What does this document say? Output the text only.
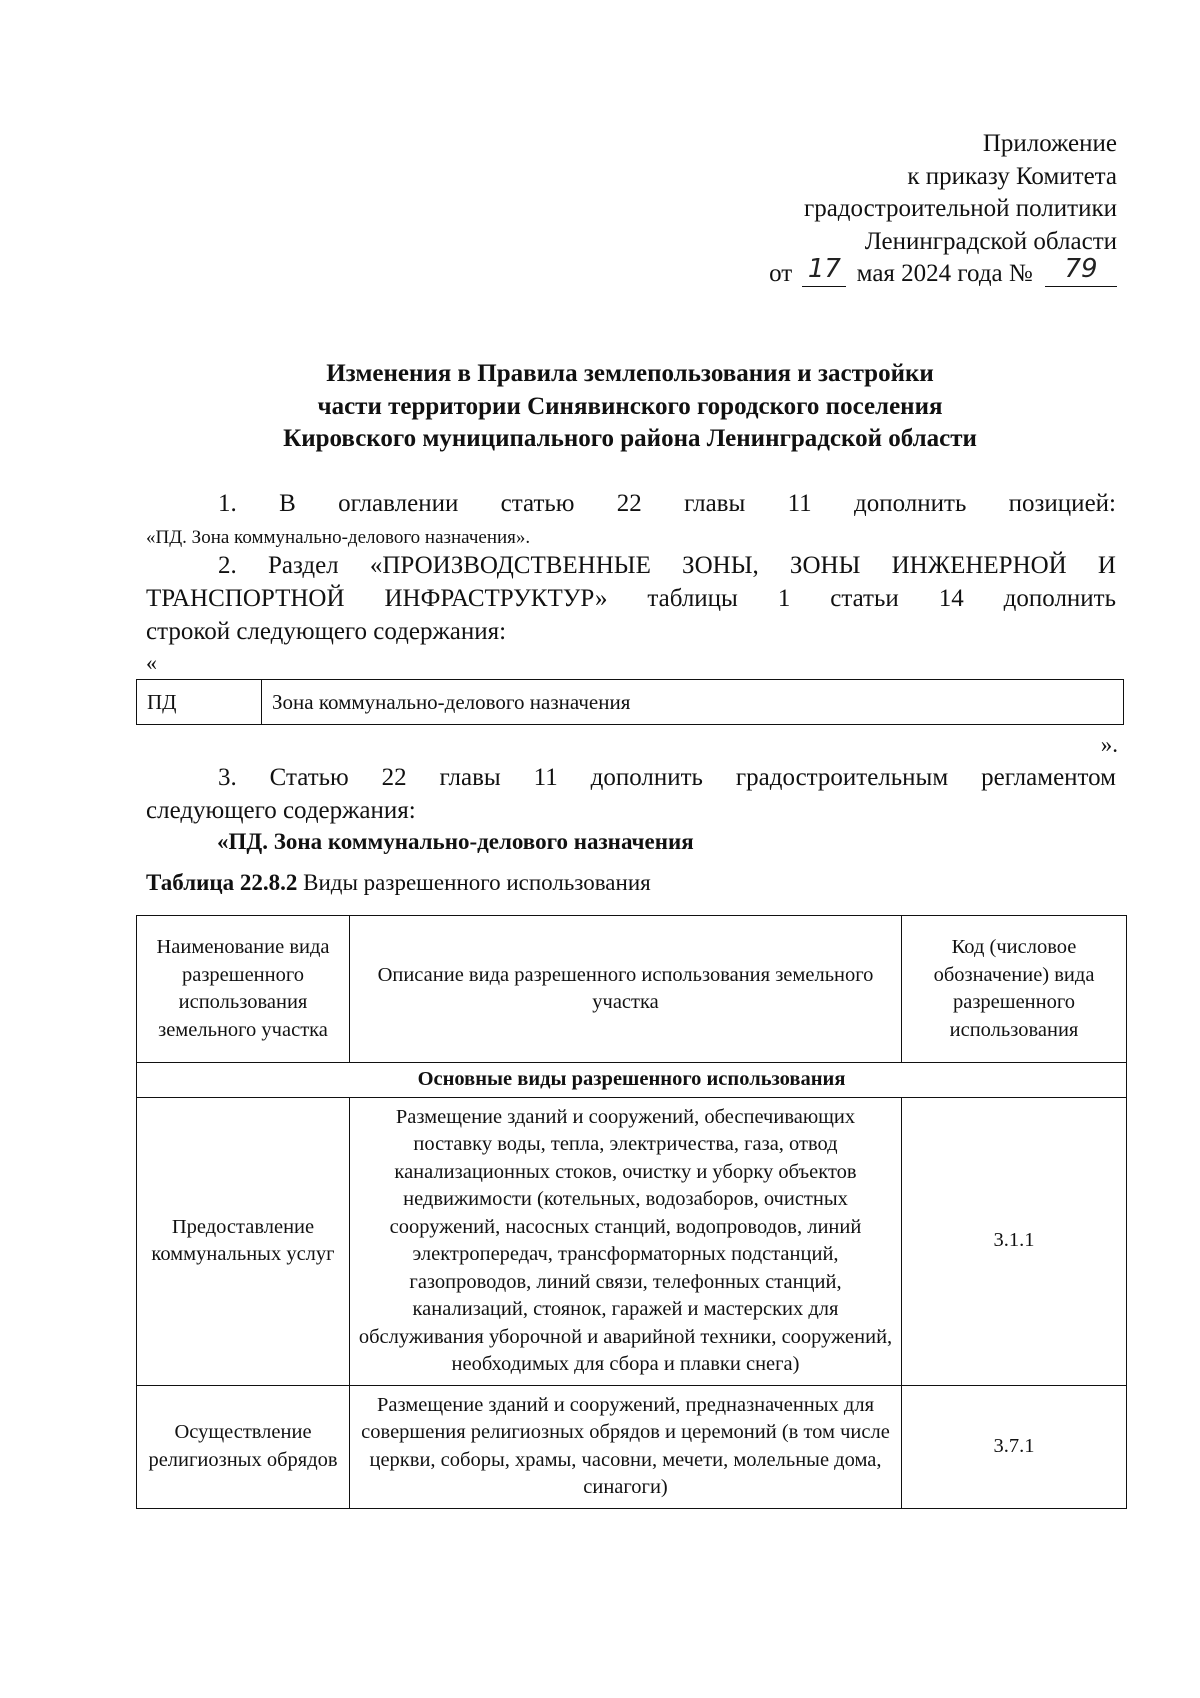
Приложение
к приказу Комитета
градостроительной политики
Ленинградской области
от 17 мая 2024 года № 79
Изменения в Правила землепользования и застройки
части территории Синявинского городского поселения
Кировского муниципального района Ленинградской области
1. В оглавлении статью 22 главы 11 дополнить позицией:
«ПД. Зона коммунально-делового назначения».
2. Раздел «ПРОИЗВОДСТВЕННЫЕ ЗОНЫ, ЗОНЫ ИНЖЕНЕРНОЙ И
ТРАНСПОРТНОЙ ИНФРАСТРУКТУР» таблицы 1 статьи 14 дополнить
строкой следующего содержания:
«
ПД	Зона коммунально-делового назначения
».
3. Статью 22 главы 11 дополнить градостроительным регламентом
следующего содержания:
«ПД. Зона коммунально-делового назначения
Таблица 22.8.2 Виды разрешенного использования
Наименование вида разрешенного использования земельного участка	Описание вида разрешенного использования земельного участка	Код (числовое обозначение) вида разрешенного использования
Основные виды разрешенного использования		
Предоставление коммунальных услуг	Размещение зданий и сооружений, обеспечивающих поставку воды, тепла, электричества, газа, отвод канализационных стоков, очистку и уборку объектов недвижимости (котельных, водозаборов, очистных сооружений, насосных станций, водопроводов, линий электропередач, трансформаторных подстанций, газопроводов, линий связи, телефонных станций, канализаций, стоянок, гаражей и мастерских для обслуживания уборочной и аварийной техники, сооружений, необходимых для сбора и плавки снега)	3.1.1
Осуществление религиозных обрядов	Размещение зданий и сооружений, предназначенных для совершения религиозных обрядов и церемоний (в том числе церкви, соборы, храмы, часовни, мечети, молельные дома, синагоги)	3.7.1
